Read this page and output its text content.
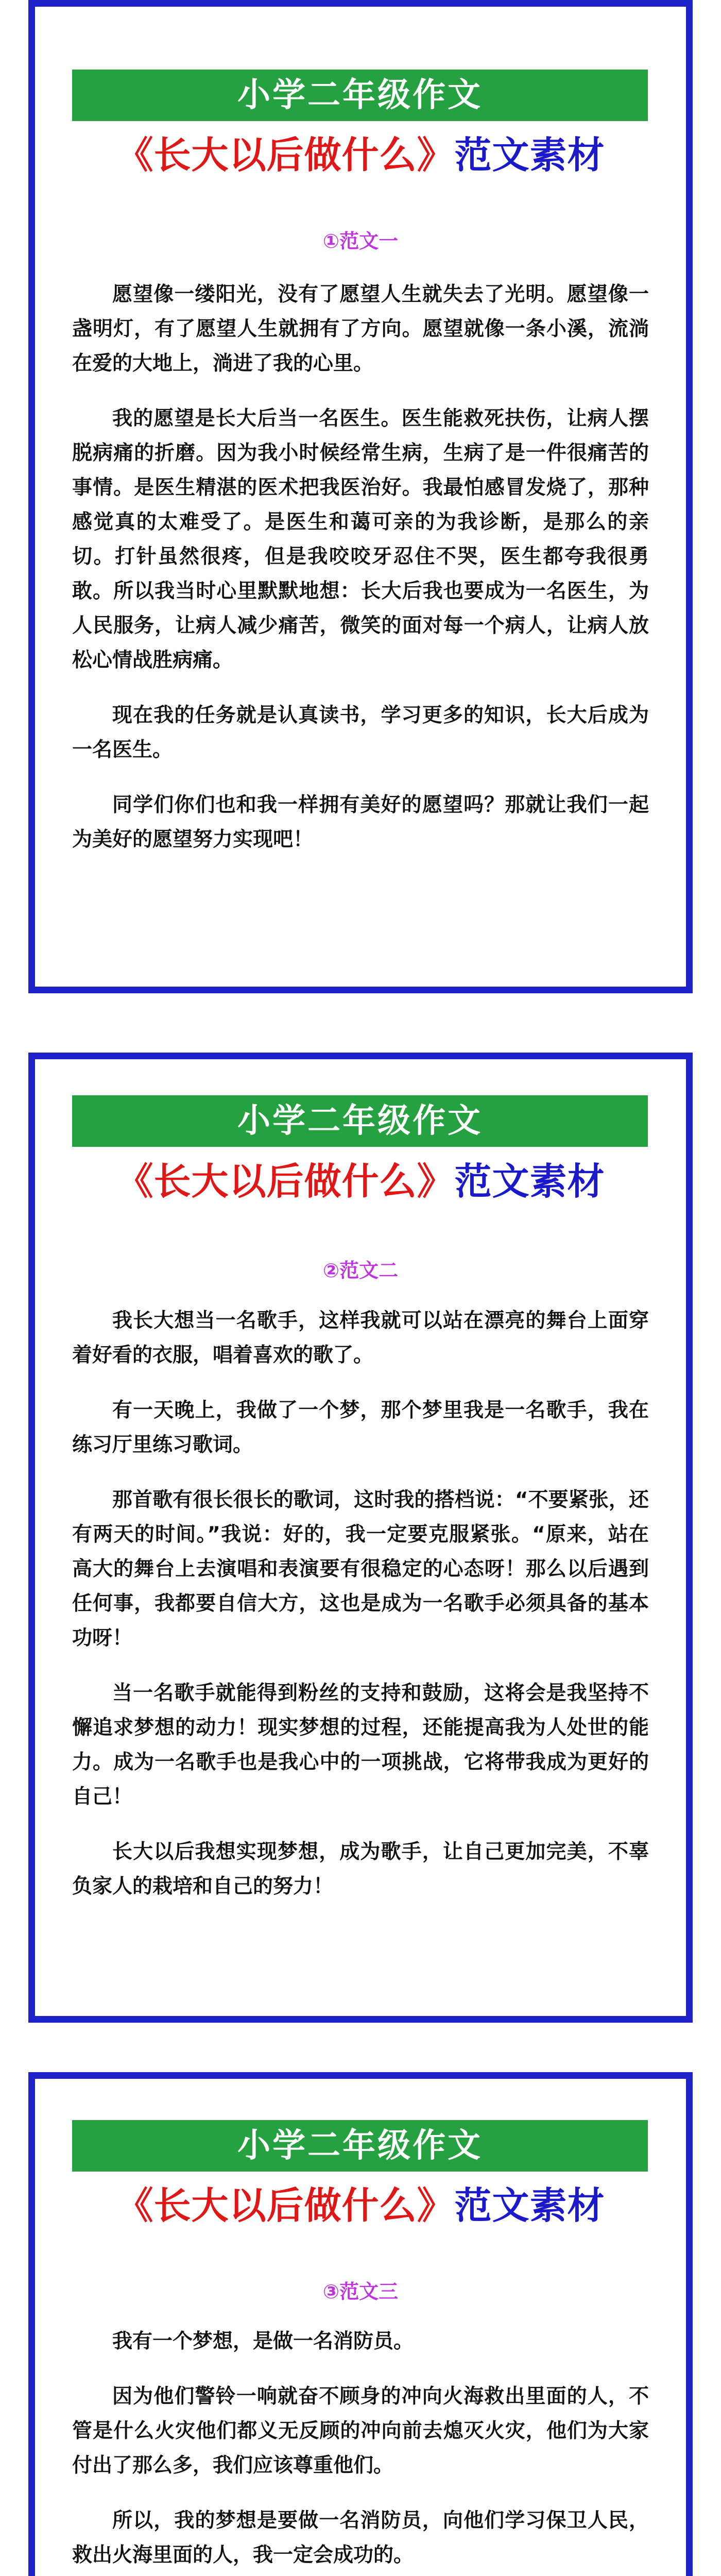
小学二年级作文
《长大以后做什么》范文素材
①范文一

愿望像一缕阳光，没有了愿望人生就失去了光明。愿望像一盏明灯，有了愿望人生就拥有了方向。愿望就像一条小溪，流淌在爱的大地上，淌进了我的心里。

我的愿望是长大后当一名医生。医生能救死扶伤，让病人摆脱病痛的折磨。因为我小时候经常生病，生病了是一件很痛苦的事情。是医生精湛的医术把我医治好。我最怕感冒发烧了，那种感觉真的太难受了。是医生和蔼可亲的为我诊断，是那么的亲切。打针虽然很疼，但是我咬咬牙忍住不哭，医生都夸我很勇敢。所以我当时心里默默地想：长大后我也要成为一名医生，为人民服务，让病人减少痛苦，微笑的面对每一个病人，让病人放松心情战胜病痛。

现在我的任务就是认真读书，学习更多的知识，长大后成为一名医生。

同学们你们也和我一样拥有美好的愿望吗？那就让我们一起为美好的愿望努力实现吧！

小学二年级作文
《长大以后做什么》范文素材
②范文二

我长大想当一名歌手，这样我就可以站在漂亮的舞台上面穿着好看的衣服，唱着喜欢的歌了。

有一天晚上，我做了一个梦，那个梦里我是一名歌手，我在练习厅里练习歌词。

那首歌有很长很长的歌词，这时我的搭档说：“不要紧张，还有两天的时间。”我说：好的，我一定要克服紧张。“原来，站在高大的舞台上去演唱和表演要有很稳定的心态呀！那么以后遇到任何事，我都要自信大方，这也是成为一名歌手必须具备的基本功呀！

当一名歌手就能得到粉丝的支持和鼓励，这将会是我坚持不懈追求梦想的动力！现实梦想的过程，还能提高我为人处世的能力。成为一名歌手也是我心中的一项挑战，它将带我成为更好的自己！

长大以后我想实现梦想，成为歌手，让自己更加完美，不辜负家人的栽培和自己的努力！

小学二年级作文
《长大以后做什么》范文素材
③范文三

我有一个梦想，是做一名消防员。

因为他们警铃一响就奋不顾身的冲向火海救出里面的人，不管是什么火灾他们都义无反顾的冲向前去熄灭火灾，他们为大家付出了那么多，我们应该尊重他们。

所以，我的梦想是要做一名消防员，向他们学习保卫人民，救出火海里面的人，我一定会成功的。
